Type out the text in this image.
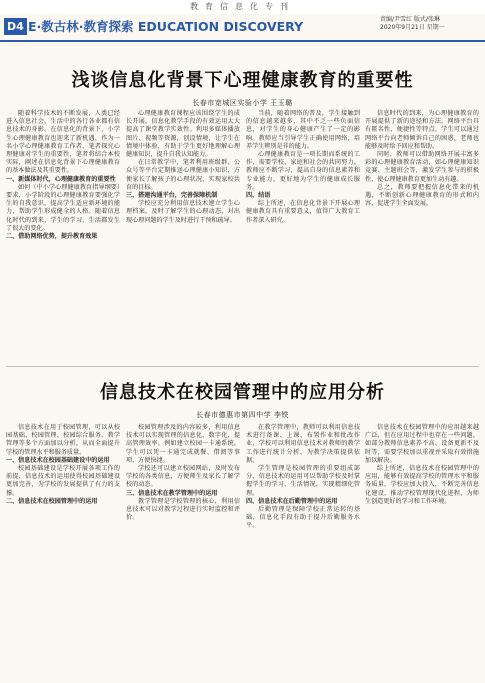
教育信息化专刊
D4 E·教古林·教育探索 EDUCATION DISCOVERY	责编/尹雪红 版式/张琳
2020年9月21日 星期一
浅谈信息化背景下心理健康教育的重要性
长春市宽城区实验小学 王玉璐

随着科学技术的不断发展，人类已经进入信息社会，生活中的各行各业都有信息技术的身影。在信息化的背景下，小学生心理健康教育也迎来了新机遇，作为一名小学心理健康教育工作者，笔者探究心理健康对学生的重要性，笔者将结合本校实际，阐述在信息化背景下心理健康教育的基本做法及其重要性。

一、新媒体时代，心理健康教育的重要性

如何（中小学心理健康教育指导纲要）要求，小学阶段的心理健康教育要强化学生的自我意识，提高学生适应新环境的能力，帮助学生形成健全的人格。随着信息化时代的到来，学生的学习、生活都发生了很大的变化。

二、借助网络优势，提升教育效果

心理健康教育课程应该围绕学生的成长开展，信息化教学手段的有效运用大大提高了课堂教学实效性。利用多媒体播放图片、视频等资源，创设情境，让学生在情境中体验，有助于学生更好地理解心理健康知识，提升自我认知能力。

在日常教学中，笔者利用班级群、公众号等平台定期推送心理健康小知识，方便家长了解孩子的心理状况，实现家校共育的目标。

三、搭建沟通平台，完善保障机制

学校应充分利用信息技术建立学生心理档案，及时了解学生的心理动态，对出现心理问题的学生及时进行干预和疏导。

当前，随着网络的普及，学生接触到的信息越来越多，其中不乏一些负面信息，对学生的身心健康产生了一定的影响。教师应当引导学生正确使用网络，培养学生辨别是非的能力。

心理健康教育是一项长期而系统的工作，需要学校、家庭和社会的共同努力。教师应不断学习，提高自身的信息素养和专业能力，更好地为学生的健康成长服务。

四、结语

综上所述，在信息化背景下开展心理健康教育具有重要意义，值得广大教育工作者深入研究。

信息时代的到来，为心理健康教育的开展提供了新的途径和方法。网络平台具有匿名性、便捷性等特点，学生可以通过网络平台向老师倾诉自己的困惑，老师也能够及时给予回应和帮助。

同时，教师可以借助网络开展丰富多彩的心理健康教育活动，如心理健康知识竞赛、主题班会等，激发学生参与的积极性，使心理健康教育更加生动有趣。

总之，教师要把握信息化带来的机遇，不断创新心理健康教育的形式和内容，促进学生全面发展。

信息技术在校园管理中的应用分析
长春市德惠市第四中学 李铁

信息技术在用于校园管理，可以从校园基础、校园管理、校园综合服务、教学管理等多个方面加以分析，从而全面提升学校的管理水平和服务质量。

一、信息技术在校园基础建设中的运用

校园基础建设是学校开展各项工作的前提，信息技术的运用使得校园基础建设更加完善，为学校的发展提供了有力的支撑。

二、信息技术在校园管理中的运用

校园管理涉及的内容较多，利用信息技术可以实现管理的信息化、数字化，提高管理效率。例如建立校园一卡通系统，学生可以凭一卡通完成就餐、借阅等事项，方便快捷。

学校还可以建立校园网站，及时发布学校的各类信息，方便师生及家长了解学校的动态。

三、信息技术在教学管理中的运用

教学管理是学校管理的核心，利用信息技术可以对教学过程进行实时监控和评价。

在教学管理中，教师可以利用信息技术进行备课、上课、布置作业和批改作业，学校可以利用信息技术对教师的教学工作进行统计分析，为教学决策提供依据。

学生管理是校园管理的重要组成部分，信息技术的运用可以帮助学校及时掌握学生的学习、生活情况，实现精细化管理。

四、信息技术在后勤管理中的运用

后勤管理是保障学校正常运转的基础，信息化手段有助于提升后勤服务水平。

信息技术在校园管理中的应用越来越广泛，但在应用过程中也存在一些问题，如部分教师信息素养不高、设备更新不及时等，需要学校加以重视并采取有效措施加以解决。

综上所述，信息技术在校园管理中的应用，能够有效提高学校的管理水平和服务质量，学校应加大投入，不断完善信息化建设，推动学校管理现代化进程，为师生创造更好的学习和工作环境。
